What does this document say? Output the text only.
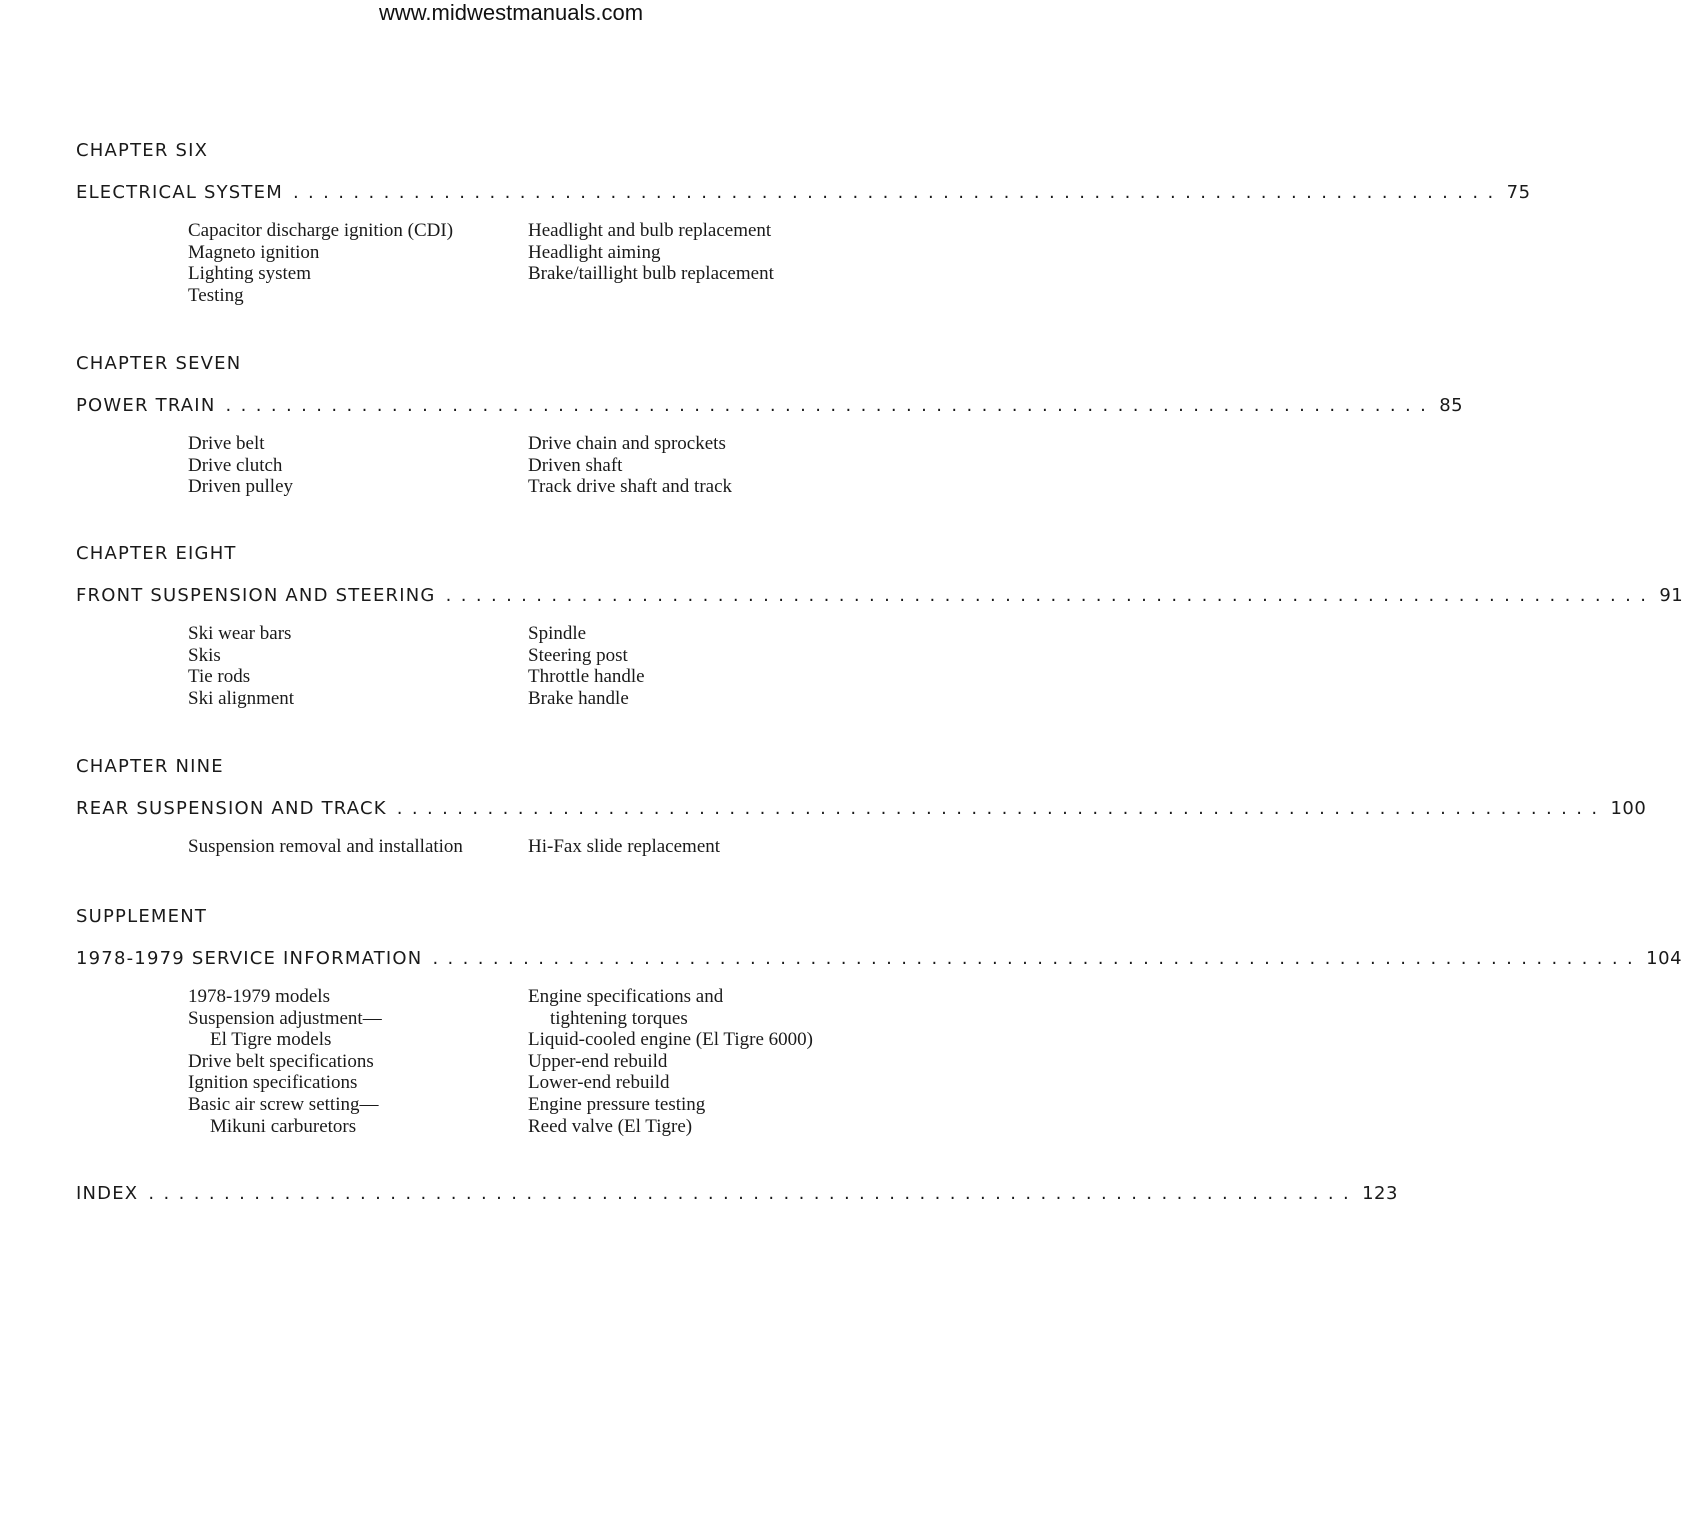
www.midwestmanuals.com
CHAPTER SIX
ELECTRICAL SYSTEM ................................................................................ 75
Capacitor discharge ignition (CDI)
Magneto ignition
Lighting system
Testing
Headlight and bulb replacement
Headlight aiming
Brake/taillight bulb replacement
CHAPTER SEVEN
POWER TRAIN ................................................................................ 85
Drive belt
Drive clutch
Driven pulley
Drive chain and sprockets
Driven shaft
Track drive shaft and track
CHAPTER EIGHT
FRONT SUSPENSION AND STEERING ................................................................................ 91
Ski wear bars
Skis
Tie rods
Ski alignment
Spindle
Steering post
Throttle handle
Brake handle
CHAPTER NINE
REAR SUSPENSION AND TRACK ................................................................................ 100
Suspension removal and installation	Hi-Fax slide replacement
SUPPLEMENT
1978-1979 SERVICE INFORMATION ................................................................................ 104
1978-1979 models
Suspension adjustment—
El Tigre models
Drive belt specifications
Ignition specifications
Basic air screw setting—
Mikuni carburetors
Engine specifications and
tightening torques
Liquid-cooled engine (El Tigre 6000)
Upper-end rebuild
Lower-end rebuild
Engine pressure testing
Reed valve (El Tigre)
INDEX ................................................................................ 123
